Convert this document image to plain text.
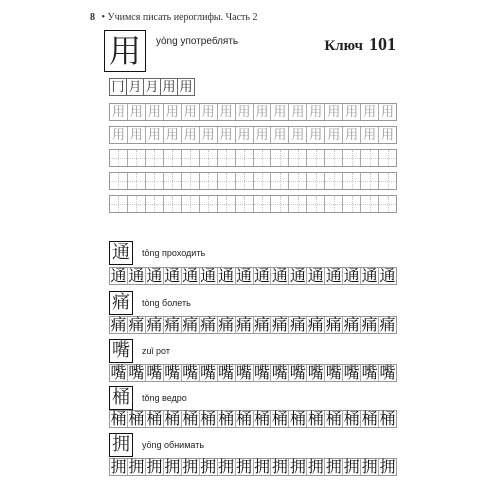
8 • Учимся писать иероглифы. Часть 2
用 yòng употреблять	Ключ 101
冂 月 月 用 用
用 用 用 用 用 用 用 用 用 用 用 用 用 用 用 用
用 用 用 用 用 用 用 用 用 用 用 用 用 用 用 用
通 tōng проходить
通 通 通 通 通 通 通 通 通 通 通 通 通 通 通 通
痛 tòng болеть
痛 痛 痛 痛 痛 痛 痛 痛 痛 痛 痛 痛 痛 痛 痛 痛
嘴 zuǐ рот
嘴 嘴 嘴 嘴 嘴 嘴 嘴 嘴 嘴 嘴 嘴 嘴 嘴 嘴 嘴 嘴
桶 tǒng ведро
桶 桶 桶 桶 桶 桶 桶 桶 桶 桶 桶 桶 桶 桶 桶 桶
拥 yōng обнимать
拥 拥 拥 拥 拥 拥 拥 拥 拥 拥 拥 拥 拥 拥 拥 拥
